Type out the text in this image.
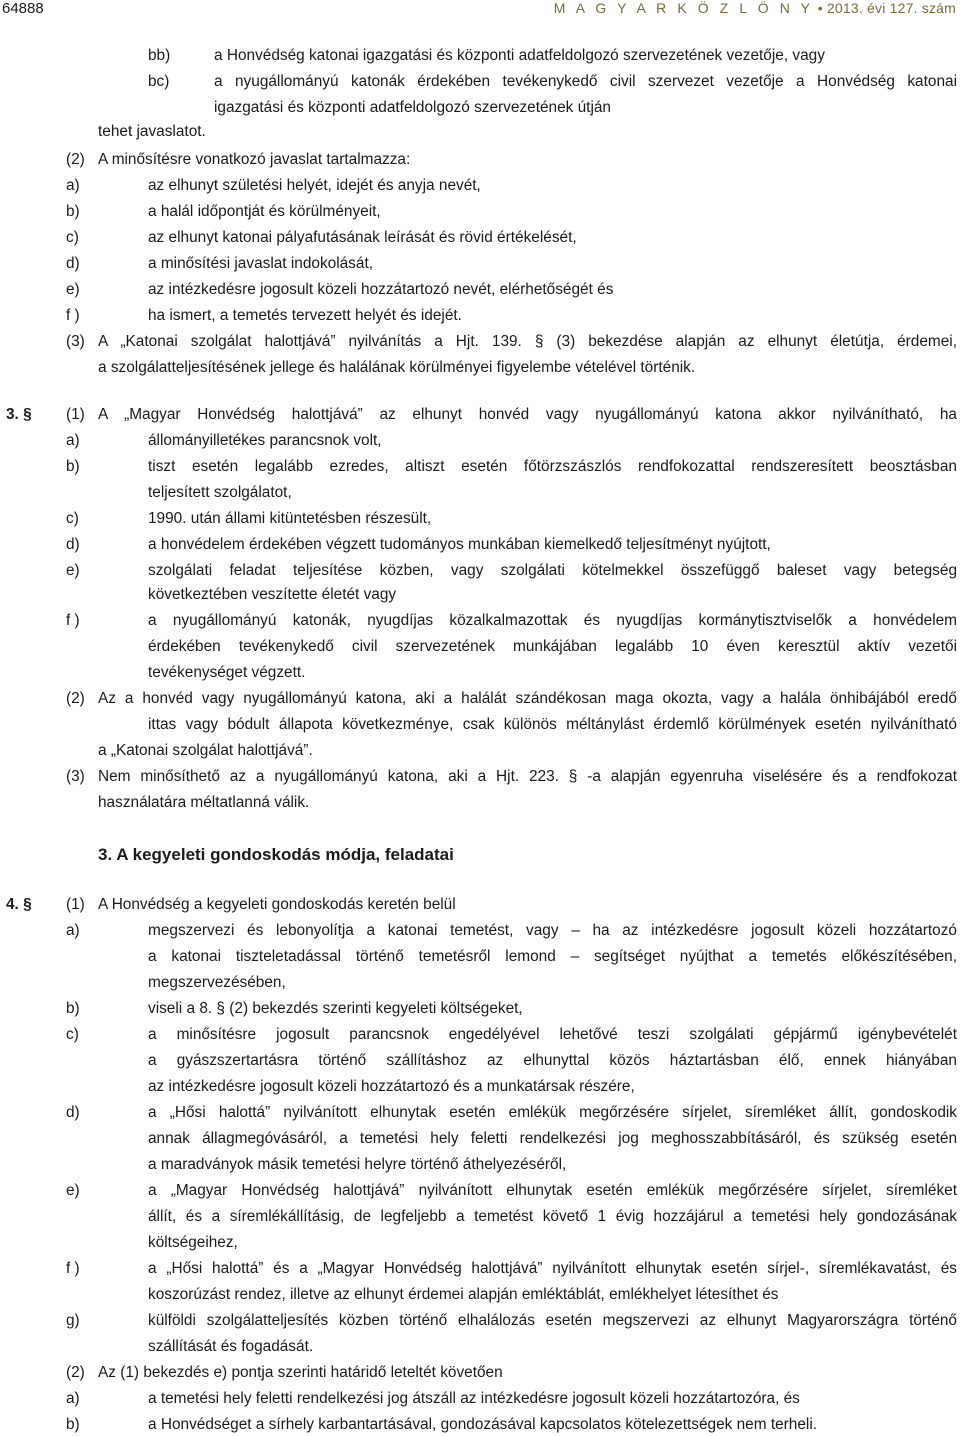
64888	M A G Y A R K Ö Z L Ö N Y • 2013. évi 127. szám
bb)	a Honvédség katonai igazgatási és központi adatfeldolgozó szervezetének vezetője, vagy
bc)	a nyugállományú katonák érdekében tevékenykedő civil szervezet vezetője a Honvédség katonai
igazgatási és központi adatfeldolgozó szervezetének útján
tehet javaslatot.
(2) A minősítésre vonatkozó javaslat tartalmazza:
a)	az elhunyt születési helyét, idejét és anyja nevét,
b)	a halál időpontját és körülményeit,
c)	az elhunyt katonai pályafutásának leírását és rövid értékelését,
d)	a minősítési javaslat indokolását,
e)	az intézkedésre jogosult közeli hozzátartozó nevét, elérhetőségét és
f )	ha ismert, a temetés tervezett helyét és idejét.
(3) A „Katonai szolgálat halottjává” nyilvánítás a Hjt. 139. § (3) bekezdése alapján az elhunyt életútja, érdemei,
a szolgálatteljesítésének jellege és halálának körülményei figyelembe vételével történik.
3. § (1) A „Magyar Honvédség halottjává” az elhunyt honvéd vagy nyugállományú katona akkor nyilvánítható, ha
a)	állományilletékes parancsnok volt,
b)	tiszt esetén legalább ezredes, altiszt esetén főtörzszászlós rendfokozattal rendszeresített beosztásban
teljesített szolgálatot,
c)	1990. után állami kitüntetésben részesült,
d)	a honvédelem érdekében végzett tudományos munkában kiemelkedő teljesítményt nyújtott,
e)	szolgálati feladat teljesítése közben, vagy szolgálati kötelmekkel összefüggő baleset vagy betegség
következtében veszítette életét vagy
f )	a nyugállományú katonák, nyugdíjas közalkalmazottak és nyugdíjas kormánytisztviselők a honvédelem
érdekében tevékenykedő civil szervezetének munkájában legalább 10 éven keresztül aktív vezetői
tevékenységet végzett.
(2) Az a honvéd vagy nyugállományú katona, aki a halálát szándékosan maga okozta, vagy a halála önhibájából eredő
ittas vagy bódult állapota következménye, csak különös méltánylást érdemlő körülmények esetén nyilvánítható
a „Katonai szolgálat halottjává”.
(3) Nem minősíthető az a nyugállományú katona, aki a Hjt. 223. § -a alapján egyenruha viselésére és a rendfokozat
használatára méltatlanná válik.
4. § (1) A Honvédség a kegyeleti gondoskodás keretén belül
a)	megszervezi és lebonyolítja a katonai temetést, vagy – ha az intézkedésre jogosult közeli hozzátartozó
a katonai tiszteletadással történő temetésről lemond – segítséget nyújthat a temetés előkészítésében,
megszervezésében,
b)	viseli a 8. § (2) bekezdés szerinti kegyeleti költségeket,
c)	a minősítésre jogosult parancsnok engedélyével lehetővé teszi szolgálati gépjármű igénybevételét
a gyászszertartásra történő szállításhoz az elhunyttal közös háztartásban élő, ennek hiányában
az intézkedésre jogosult közeli hozzátartozó és a munkatársak részére,
d)	a „Hősi halottá” nyilvánított elhunytak esetén emlékük megőrzésére sírjelet, síremléket állít, gondoskodik
annak állagmegóvásáról, a temetési hely feletti rendelkezési jog meghosszabbításáról, és szükség esetén
a maradványok másik temetési helyre történő áthelyezéséről,
e)	a „Magyar Honvédség halottjává” nyilvánított elhunytak esetén emlékük megőrzésére sírjelet, síremléket
állít, és a síremlékállításig, de legfeljebb a temetést követő 1 évig hozzájárul a temetési hely gondozásának
költségeihez,
f )	a „Hősi halottá” és a „Magyar Honvédség halottjává” nyilvánított elhunytak esetén sírjel-, síremlékavatást, és
koszorúzást rendez, illetve az elhunyt érdemei alapján emléktáblát, emlékhelyet létesíthet és
g)	külföldi szolgálatteljesítés közben történő elhalálozás esetén megszervezi az elhunyt Magyarországra történő
szállítását és fogadását.
(2) Az (1) bekezdés e) pontja szerinti határidő leteltét követően
a)	a temetési hely feletti rendelkezési jog átszáll az intézkedésre jogosult közeli hozzátartozóra, és
b)	a Honvédséget a sírhely karbantartásával, gondozásával kapcsolatos kötelezettségek nem terheli.
3. A kegyeleti gondoskodás módja, feladatai
